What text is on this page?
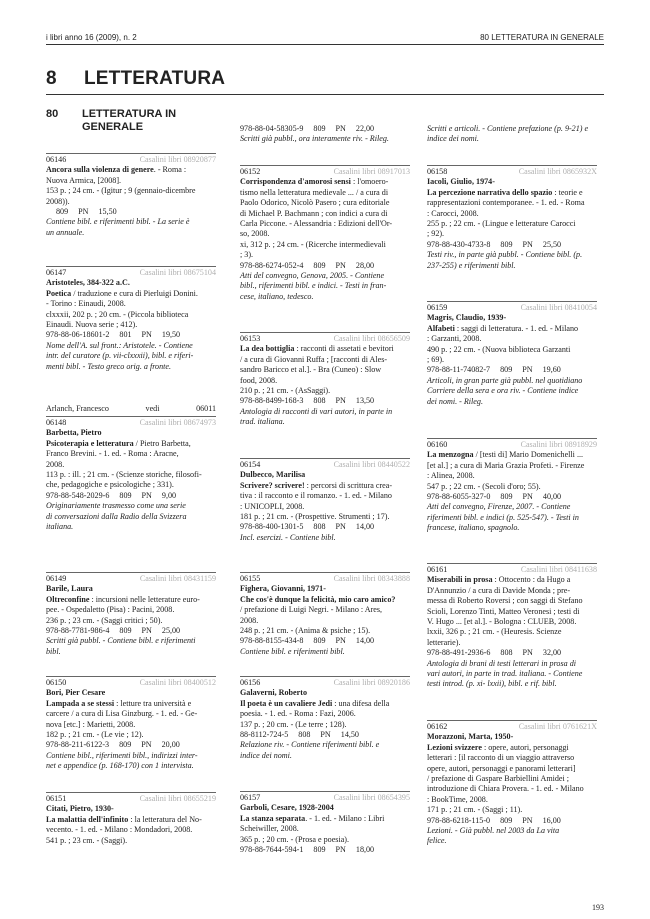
i libri anno 16 (2009), n. 2	80 LETTERATURA IN GENERALE
8 LETTERATURA
80 LETTERATURA IN GENERALE
06146	Casalini libri 08920877
Ancora sulla violenza di genere. - Roma :
Nuova Armica, [2008].
153 p. ; 24 cm. - (Igitur ; 9 (gennaio-dicembre
2008)).
809 PN 15,50
Contiene bibl. e riferimenti bibl. - La serie è
un annuale.
06147	Casalini libri 08675104
Aristoteles, 384-322 a.C.
Poetica / traduzione e cura di Pierluigi Donini.
- Torino : Einaudi, 2008.
clxxxii, 202 p. ; 20 cm. - (Piccola biblioteca
Einaudi. Nuova serie ; 412).
978-88-06-18601-2 801 PN 19,50
Nome dell'A. sul front.: Aristotele. - Contiene
intr. del curatore (p. vii-clxxxii), bibl. e riferi-
menti bibl. - Testo greco orig. a fronte.
Arlanch, Francesco	vedi	06011
06148	Casalini libri 08674973
Barbetta, Pietro
Psicoterapia e letteratura / Pietro Barbetta,
Franco Brevini. - 1. ed. - Roma : Aracne,
2008.
113 p. : ill. ; 21 cm. - (Scienze storiche, filosofi-
che, pedagogiche e psicologiche ; 331).
978-88-548-2029-6 809 PN 9,00
Originariamente trasmesso come una serie
di conversazioni dalla Radio della Svizzera
italiana.
06149	Casalini libri 08431159
Barile, Laura
Oltreconfine : incursioni nelle letterature euro-
pee. - Ospedaletto (Pisa) : Pacini, 2008.
236 p. ; 23 cm. - (Saggi critici ; 50).
978-88-7781-986-4 809 PN 25,00
Scritti già pubbl. - Contiene bibl. e riferimenti
bibl.
06150	Casalini libri 08400512
Bori, Pier Cesare
Lampada a se stessi : letture tra università e
carcere / a cura di Lisa Ginzburg. - 1. ed. - Ge-
nova [etc.] : Marietti, 2008.
182 p. ; 21 cm. - (Le vie ; 12).
978-88-211-6122-3 809 PN 20,00
Contiene bibl., riferimenti bibl., indirizzi inter-
net e appendice (p. 168-170) con 1 intervista.
06151	Casalini libri 08655219
Citati, Pietro, 1930-
La malattia dell'infinito : la letteratura del No-
vecento. - 1. ed. - Milano : Mondadori, 2008.
541 p. ; 23 cm. - (Saggi).
978-88-04-58305-9 809 PN 22,00
Scritti già pubbl., ora interamente riv. - Rileg.
06152	Casalini libri 08917013
Corrispondenza d'amorosi sensi : l'omoero-
tismo nella letteratura medievale ... / a cura di
Paolo Odorico, Nicolò Pasero ; cura editoriale
di Michael P. Bachmann ; con indici a cura di
Carla Piccone. - Alessandria : Edizioni dell'Or-
so, 2008.
xi, 312 p. ; 24 cm. - (Ricerche intermedievali
; 3).
978-88-6274-052-4 809 PN 28,00
Atti del convegno, Genova, 2005. - Contiene
bibl., riferimenti bibl. e indici. - Testi in fran-
cese, italiano, tedesco.
06153	Casalini libri 08656509
La dea bottiglia : racconti di assetati e bevitori
/ a cura di Giovanni Ruffa ; [racconti di Ales-
sandro Baricco et al.]. - Bra (Cuneo) : Slow
food, 2008.
210 p. ; 21 cm. - (AsSaggi).
978-88-8499-168-3 808 PN 13,50
Antologia di racconti di vari autori, in parte in
trad. italiana.
06154	Casalini libri 08440522
Dulbecco, Marilisa
Scrivere? scrivere! : percorsi di scrittura crea-
tiva : il racconto e il romanzo. - 1. ed. - Milano
: UNICOPLI, 2008.
181 p. ; 21 cm. - (Prospettive. Strumenti ; 17).
978-88-400-1301-5 808 PN 14,00
Incl. esercizi. - Contiene bibl.
06155	Casalini libri 08343888
Fighera, Giovanni, 1971-
Che cos'è dunque la felicità, mio caro amico?
/ prefazione di Luigi Negri. - Milano : Ares,
2008.
248 p. ; 21 cm. - (Anima & psiche ; 15).
978-88-8155-434-8 809 PN 14,00
Contiene bibl. e riferimenti bibl.
06156	Casalini libri 08920186
Galaverni, Roberto
Il poeta è un cavaliere Jedi : una difesa della
poesia. - 1. ed. - Roma : Fazi, 2006.
137 p. ; 20 cm. - (Le terre ; 128).
88-8112-724-5 808 PN 14,50
Relazione riv. - Contiene riferimenti bibl. e
indice dei nomi.
06157	Casalini libri 08654395
Garboli, Cesare, 1928-2004
La stanza separata. - 1. ed. - Milano : Libri
Scheiwiller, 2008.
365 p. ; 20 cm. - (Prosa e poesia).
978-88-7644-594-1 809 PN 18,00
Scritti e articoli. - Contiene prefazione (p. 9-21) e indice dei nomi.
06158	Casalini libri 0865932X
Iacoli, Giulio, 1974-
La percezione narrativa dello spazio : teorie e
rappresentazioni contemporanee. - 1. ed. - Roma
: Carocci, 2008.
255 p. ; 22 cm. - (Lingue e letterature Carocci
; 92).
978-88-430-4733-8 809 PN 25,50
Testi riv., in parte già pubbl. - Contiene bibl. (p.
237-255) e riferimenti bibl.
06159	Casalini libri 08410054
Magris, Claudio, 1939-
Alfabeti : saggi di letteratura. - 1. ed. - Milano
: Garzanti, 2008.
490 p. ; 22 cm. - (Nuova biblioteca Garzanti
; 69).
978-88-11-74082-7 809 PN 19,60
Articoli, in gran parte già pubbl. nel quotidiano
Corriere della sera e ora riv. - Contiene indice
dei nomi. - Rileg.
06160	Casalini libri 08918929
La menzogna / [testi di] Mario Domenichelli ...
[et al.] ; a cura di Maria Grazia Profeti. - Firenze
: Alinea, 2008.
547 p. ; 22 cm. - (Secoli d'oro; 55).
978-88-6055-327-0 809 PN 40,00
Atti del convegno, Firenze, 2007. - Contiene
riferimenti bibl. e indici (p. 525-547). - Testi in
francese, italiano, spagnolo.
06161	Casalini libri 08411638
Miserabili in prosa : Ottocento : da Hugo a
D'Annunzio / a cura di Davide Monda ; pre-
messa di Roberto Roversi ; con saggi di Stefano
Scioli, Lorenzo Tinti, Matteo Veronesi ; testi di
V. Hugo ... [et al.]. - Bologna : CLUEB, 2008.
lxxii, 326 p. ; 21 cm. - (Heuresis. Scienze
letterarie).
978-88-491-2936-6 808 PN 32,00
Antologia di brani di testi letterari in prosa di
vari autori, in parte in trad. italiana. - Contiene
testi introd. (p. xi- lxxii), bibl. e rif. bibl.
06162	Casalini libri 0761621X
Morazzoni, Marta, 1950-
Lezioni svizzere : opere, autori, personaggi
letterari : [il racconto di un viaggio attraverso
opere, autori, personaggi e panorami letterari]
/ prefazione di Gaspare Barbiellini Amidei ;
introduzione di Chiara Provera. - 1. ed. - Milano
: BookTime, 2008.
171 p. ; 21 cm. - (Saggi ; 11).
978-88-6218-115-0 809 PN 16,00
Lezioni. - Già pubbl. nel 2003 da La vita
felice.
193
